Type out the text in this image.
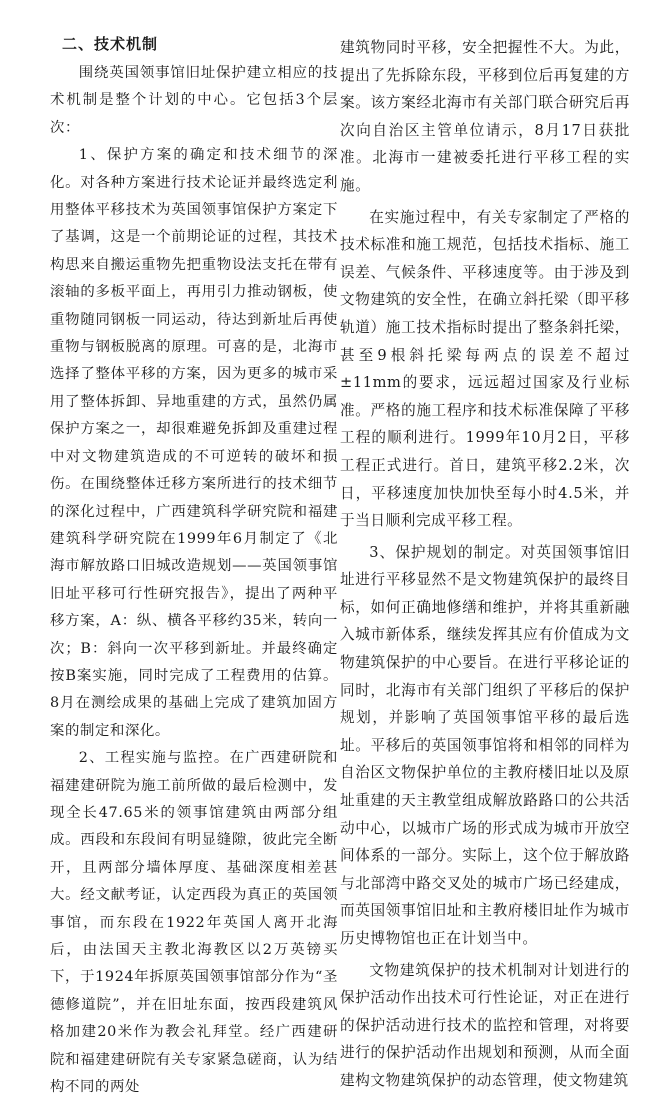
二、技术机制

围绕英国领事馆旧址保护建立相应的技术机制是整个计划的中心。它包括3个层次：

1、保护方案的确定和技术细节的深化。对各种方案进行技术论证并最终选定利用整体平移技术为英国领事馆保护方案定下了基调，这是一个前期论证的过程，其技术构思来自搬运重物先把重物设法支托在带有滚轴的多板平面上，再用引力推动钢板，使重物随同钢板一同运动，待达到新址后再使重物与钢板脱离的原理。可喜的是，北海市选择了整体平移的方案，因为更多的城市采用了整体拆卸、异地重建的方式，虽然仍属保护方案之一，却很难避免拆卸及重建过程中对文物建筑造成的不可逆转的破坏和损伤。在围绕整体迁移方案所进行的技术细节的深化过程中，广西建筑科学研究院和福建建筑科学研究院在1999年6月制定了《北海市解放路口旧城改造规划——英国领事馆旧址平移可行性研究报告》，提出了两种平移方案，A：纵、横各平移约35米，转向一次；B：斜向一次平移到新址。并最终确定按B案实施，同时完成了工程费用的估算。8月在测绘成果的基础上完成了建筑加固方案的制定和深化。

2、工程实施与监控。在广西建研院和福建建研院为施工前所做的最后检测中，发现全长47.65米的领事馆建筑由两部分组成。西段和东段间有明显缝隙，彼此完全断开，且两部分墙体厚度、基础深度相差甚大。经文献考证，认定西段为真正的英国领事馆，而东段在1922年英国人离开北海后，由法国天主教北海教区以2万英镑买下，于1924年拆原英国领事馆部分作为“圣德修道院”，并在旧址东面，按西段建筑风格加建20米作为教会礼拜堂。经广西建研院和福建建研院有关专家紧急磋商，认为结构不同的两处

建筑物同时平移，安全把握性不大。为此，提出了先拆除东段，平移到位后再复建的方案。该方案经北海市有关部门联合研究后再次向自治区主管单位请示，8月17日获批准。北海市一建被委托进行平移工程的实施。

在实施过程中，有关专家制定了严格的技术标准和施工规范，包括技术指标、施工误差、气候条件、平移速度等。由于涉及到文物建筑的安全性，在确立斜托梁（即平移轨道）施工技术指标时提出了整条斜托梁，甚至9根斜托梁每两点的误差不超过±11mm的要求，远远超过国家及行业标准。严格的施工程序和技术标准保障了平移工程的顺利进行。1999年10月2日，平移工程正式进行。首日，建筑平移2.2米，次日，平移速度加快加快至每小时4.5米，并于当日顺利完成平移工程。

3、保护规划的制定。对英国领事馆旧址进行平移显然不是文物建筑保护的最终目标，如何正确地修缮和维护，并将其重新融入城市新体系，继续发挥其应有价值成为文物建筑保护的中心要旨。在进行平移论证的同时，北海市有关部门组织了平移后的保护规划，并影响了英国领事馆平移的最后选址。平移后的英国领事馆将和相邻的同样为自治区文物保护单位的主教府楼旧址以及原址重建的天主教堂组成解放路路口的公共活动中心，以城市广场的形式成为城市开放空间体系的一部分。实际上，这个位于解放路与北部湾中路交叉处的城市广场已经建成，而英国领事馆旧址和主教府楼旧址作为城市历史博物馆也正在计划当中。

文物建筑保护的技术机制对计划进行的保护活动作出技术可行性论证，对正在进行的保护活动进行技术的监控和管理，对将要进行的保护活动作出规划和预测，从而全面建构文物建筑保护的动态管理，使文物建筑
